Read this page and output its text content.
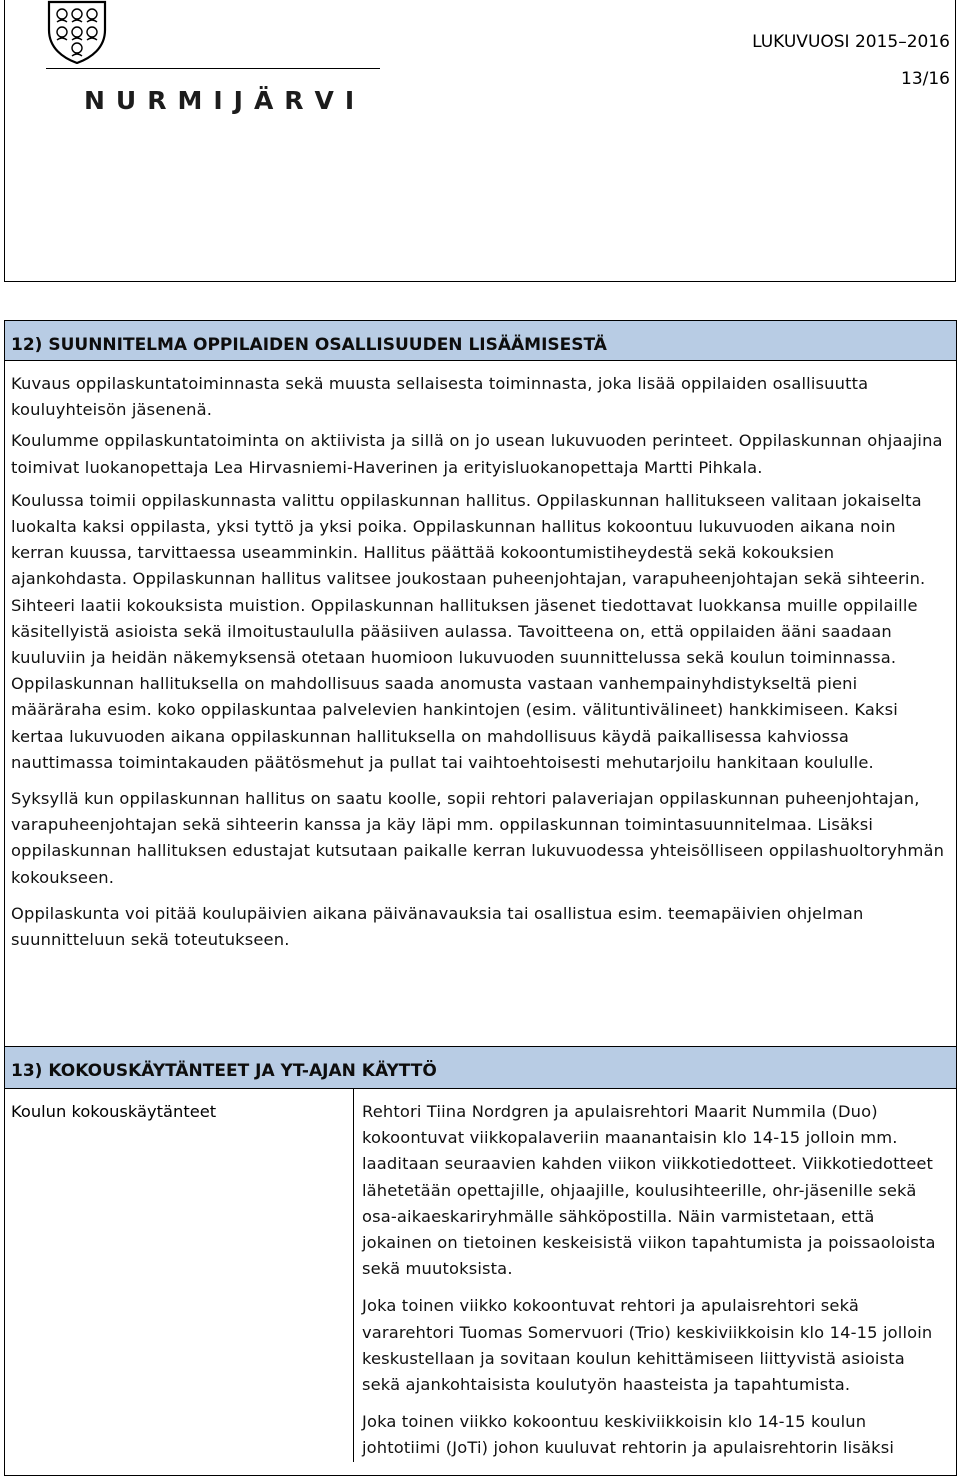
NURMIJÄRVI
LUKUVUOSI 2015–2016
13/16
12) SUUNNITELMA OPPILAIDEN OSALLISUUDEN LISÄÄMISESTÄ

Kuvaus oppilaskuntatoiminnasta sekä muusta sellaisesta toiminnasta, joka lisää oppilaiden osallisuutta kouluyhteisön jäsenenä.

Koulumme oppilaskuntatoiminta on aktiivista ja sillä on jo usean lukuvuoden perinteet. Oppilaskunnan ohjaajina toimivat luokanopettaja Lea Hirvasniemi-Haverinen ja erityisluokanopettaja Martti Pihkala.

Koulussa toimii oppilaskunnasta valittu oppilaskunnan hallitus. Oppilaskunnan hallitukseen valitaan jokaiselta luokalta kaksi oppilasta, yksi tyttö ja yksi poika. Oppilaskunnan hallitus kokoontuu lukuvuoden aikana noin kerran kuussa, tarvittaessa useamminkin. Hallitus päättää kokoontumistiheydestä sekä kokouksien ajankohdasta. Oppilaskunnan hallitus valitsee joukostaan puheenjohtajan, varapuheenjohtajan sekä sihteerin. Sihteeri laatii kokouksista muistion. Oppilaskunnan hallituksen jäsenet tiedottavat luokkansa muille oppilaille käsitellyistä asioista sekä ilmoitustaululla pääsiiven aulassa. Tavoitteena on, että oppilaiden ääni saadaan kuuluviin ja heidän näkemyksensä otetaan huomioon lukuvuoden suunnittelussa sekä koulun toiminnassa. Oppilaskunnan hallituksella on mahdollisuus saada anomusta vastaan vanhempainyhdistykseltä pieni määräraha esim. koko oppilaskuntaa palvelevien hankintojen (esim. välituntivälineet) hankkimiseen. Kaksi kertaa lukuvuoden aikana oppilaskunnan hallituksella on mahdollisuus käydä paikallisessa kahviossa nauttimassa toimintakauden päätösmehut ja pullat tai vaihtoehtoisesti mehutarjoilu hankitaan koululle.

Syksyllä kun oppilaskunnan hallitus on saatu koolle, sopii rehtori palaveriajan oppilaskunnan puheenjohtajan, varapuheenjohtajan sekä sihteerin kanssa ja käy läpi mm. oppilaskunnan toimintasuunnitelmaa. Lisäksi oppilaskunnan hallituksen edustajat kutsutaan paikalle kerran lukuvuodessa yhteisölliseen oppilashuoltoryhmän kokoukseen.

Oppilaskunta voi pitää koulupäivien aikana päivänavauksia tai osallistua esim. teemapäivien ohjelman suunnitteluun sekä toteutukseen.

13) KOKOUSKÄYTÄNTEET JA YT-AJAN KÄYTTÖ
Koulun kokouskäytänteet	Rehtori Tiina Nordgren ja apulaisrehtori Maarit Nummila (Duo) kokoontuvat viikkopalaveriin maanantaisin klo 14-15 jolloin mm. laaditaan seuraavien kahden viikon viikkotiedotteet. Viikkotiedotteet lähetetään opettajille, ohjaajille, koulusihteerille, ohr-jäsenille sekä osa-aikaeskariryhmälle sähköpostilla. Näin varmistetaan, että jokainen on tietoinen keskeisistä viikon tapahtumista ja poissaoloista sekä muutoksista.

Joka toinen viikko kokoontuvat rehtori ja apulaisrehtori sekä vararehtori Tuomas Somervuori (Trio) keskiviikkoisin klo 14-15 jolloin keskustellaan ja sovitaan koulun kehittämiseen liittyvistä asioista sekä ajankohtaisista koulutyön haasteista ja tapahtumista.

Joka toinen viikko kokoontuu keskiviikkoisin klo 14-15 koulun johtotiimi (JoTi) johon kuuluvat rehtorin ja apulaisrehtorin lisäksi
